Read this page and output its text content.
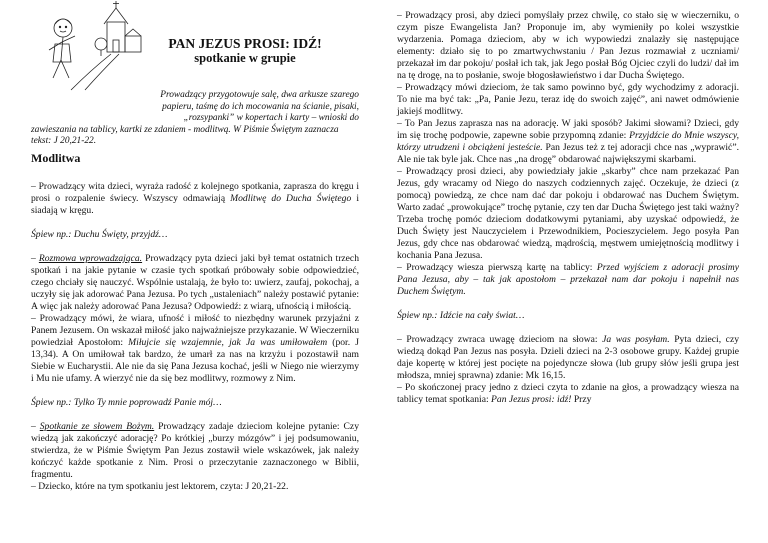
PAN JEZUS PROSI: IDŹ!
spotkanie w grupie

Prowadzący przygotowuje salę, dwa arkusze szarego

papieru, taśmę do ich mocowania na ścianie, pisaki,

„rozsypanki” w kopertach i karty – wnioski do

zawieszania na tablicy, kartki ze zdaniem - modlitwą. W Piśmie Świętym zaznacza tekst: J 20,21-22.

Modlitwa

– Prowadzący wita dzieci, wyraża radość z kolejnego spotkania, zaprasza do kręgu i prosi o rozpalenie świecy. Wszyscy odmawiają Modlitwę do Ducha Świętego i siadają w kręgu.

Śpiew np.: Duchu Święty, przyjdź…

– Rozmowa wprowadzająca. Prowadzący pyta dzieci jaki był temat ostatnich trzech spotkań i na jakie pytanie w czasie tych spotkań próbowały sobie odpowiedzieć, czego chciały się nauczyć. Wspólnie ustalają, że było to: uwierz, zaufaj, pokochaj, a uczyły się jak adorować Pana Jezusa. Po tych „ustaleniach” należy postawić pytanie: A więc jak należy adorować Pana Jezusa? Odpowiedź: z wiarą, ufnością i miłością.

– Prowadzący mówi, że wiara, ufność i miłość to niezbędny warunek przyjaźni z Panem Jezusem. On wskazał miłość jako najważniejsze przykazanie. W Wieczerniku powiedział Apostołom: Miłujcie się wzajemnie, jak Ja was umiłowałem (por. J 13,34). A On umiłował tak bardzo, że umarł za nas na krzyżu i pozostawił nam Siebie w Eucharystii. Ale nie da się Pana Jezusa kochać, jeśli w Niego nie wierzymy i Mu nie ufamy. A wierzyć nie da się bez modlitwy, rozmowy z Nim.

Śpiew np.: Tylko Ty mnie poprowadź Panie mój…

– Spotkanie ze słowem Bożym. Prowadzący zadaje dzieciom kolejne pytanie: Czy wiedzą jak zakończyć adorację? Po krótkiej „burzy mózgów” i jej podsumowaniu, stwierdza, że w Piśmie Świętym Pan Jezus zostawił wiele wskazówek, jak należy kończyć każde spotkanie z Nim. Prosi o przeczytanie zaznaczonego w Biblii, fragmentu.

– Dziecko, które na tym spotkaniu jest lektorem, czyta: J 20,21-22.

– Prowadzący prosi, aby dzieci pomyślały przez chwilę, co stało się w wieczerniku, o czym pisze Ewangelista Jan? Proponuje im, aby wymieniły po kolei wszystkie wydarzenia. Pomaga dzieciom, aby w ich wypowiedzi znalazły się następujące elementy: działo się to po zmartwychwstaniu / Pan Jezus rozmawiał z uczniami/ przekazał im dar pokoju/ posłał ich tak, jak Jego posłał Bóg Ojciec czyli do ludzi/ dał im na tę drogę, na to posłanie, swoje błogosławieństwo i dar Ducha Świętego.

– Prowadzący mówi dzieciom, że tak samo powinno być, gdy wychodzimy z adoracji. To nie ma być tak: „Pa, Panie Jezu, teraz idę do swoich zajęć”, ani nawet odmówienie jakiejś modlitwy.

– To Pan Jezus zaprasza nas na adorację. W jaki sposób? Jakimi słowami? Dzieci, gdy im się trochę podpowie, zapewne sobie przypomną zdanie: Przyjdźcie do Mnie wszyscy, którzy utrudzeni i obciążeni jesteście. Pan Jezus też z tej adoracji chce nas „wyprawić”. Ale nie tak byle jak. Chce nas „na drogę” obdarować największymi skarbami.

– Prowadzący prosi dzieci, aby powiedziały jakie „skarby” chce nam przekazać Pan Jezus, gdy wracamy od Niego do naszych codziennych zajęć. Oczekuje, że dzieci (z pomocą) powiedzą, ze chce nam dać dar pokoju i obdarować nas Duchem Świętym. Warto zadać „prowokujące” trochę pytanie, czy ten dar Ducha Świętego jest taki ważny? Trzeba trochę pomóc dzieciom dodatkowymi pytaniami, aby uzyskać odpowiedź, że Duch Święty jest Nauczycielem i Przewodnikiem, Pocieszycielem. Jego posyła Pan Jezus, gdy chce nas obdarować wiedzą, mądrością, męstwem umiejętnością modlitwy i kochania Pana Jezusa.

– Prowadzący wiesza pierwszą kartę na tablicy: Przed wyjściem z adoracji prosimy Pana Jezusa, aby – tak jak apostołom – przekazał nam dar pokoju i napełnił nas Duchem Świętym.

Śpiew np.: Idźcie na cały świat…

– Prowadzący zwraca uwagę dzieciom na słowa: Ja was posyłam. Pyta dzieci, czy wiedzą dokąd Pan Jezus nas posyła. Dzieli dzieci na 2-3 osobowe grupy. Każdej grupie daje kopertę w której jest pocięte na pojedyncze słowa (lub grupy słów jeśli grupa jest młodsza, mniej sprawna) zdanie: Mk 16,15.

– Po skończonej pracy jedno z dzieci czyta to zdanie na głos, a prowadzący wiesza na tablicy temat spotkania: Pan Jezus prosi: idź! Przy
